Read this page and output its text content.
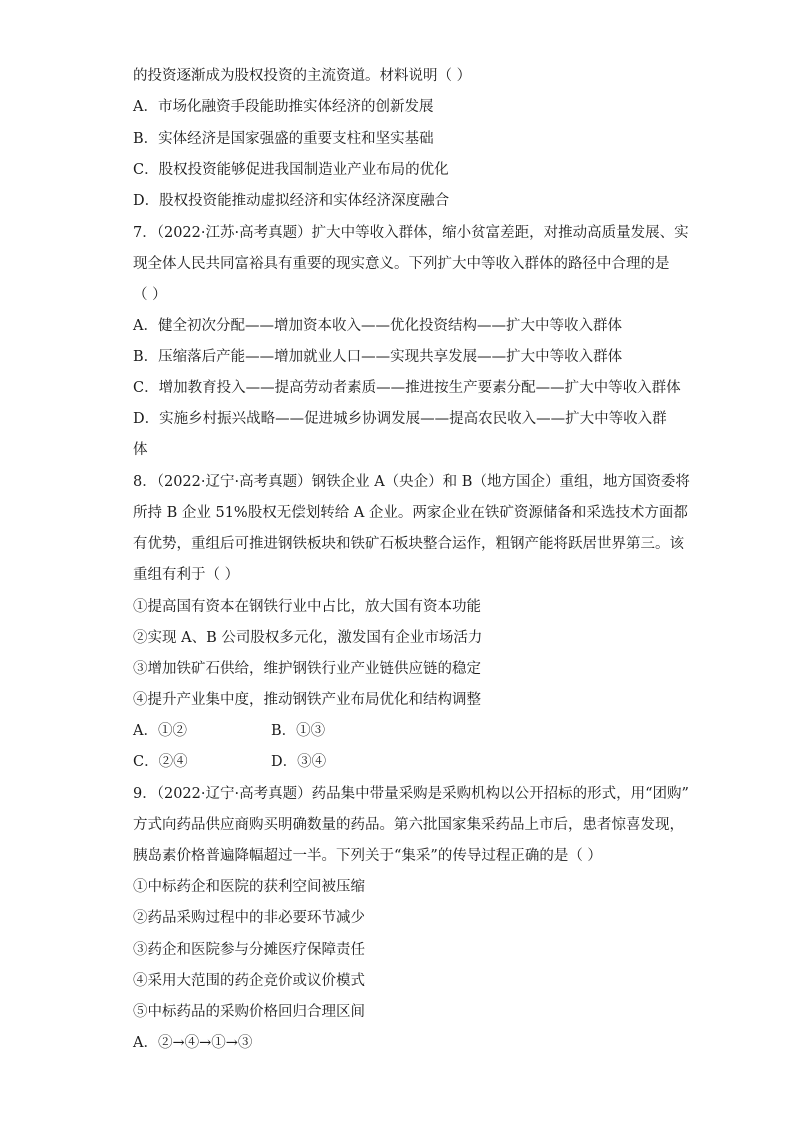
的投资逐渐成为股权投资的主流资道。材料说明（ ）
A．市场化融资手段能助推实体经济的创新发展
B．实体经济是国家强盛的重要支柱和坚实基础
C．股权投资能够促进我国制造业产业布局的优化
D．股权投资能推动虚拟经济和实体经济深度融合
7．（2022·江苏·高考真题）扩大中等收入群体，缩小贫富差距，对推动高质量发展、实
现全体人民共同富裕具有重要的现实意义。下列扩大中等收入群体的路径中合理的是
（ ）
A．健全初次分配——增加资本收入——优化投资结构——扩大中等收入群体
B．压缩落后产能——增加就业人口——实现共享发展——扩大中等收入群体
C．增加教育投入——提高劳动者素质——推进按生产要素分配——扩大中等收入群体
D．实施乡村振兴战略——促进城乡协调发展——提高农民收入——扩大中等收入群
体
8．（2022·辽宁·高考真题）钢铁企业 A（央企）和 B（地方国企）重组，地方国资委将
所持 B 企业 51%股权无偿划转给 A 企业。两家企业在铁矿资源储备和采选技术方面都
有优势，重组后可推进钢铁板块和铁矿石板块整合运作，粗钢产能将跃居世界第三。该
重组有利于（ ）
①提高国有资本在钢铁行业中占比，放大国有资本功能
②实现 A、B 公司股权多元化，激发国有企业市场活力
③增加铁矿石供给，维护钢铁行业产业链供应链的稳定
④提升产业集中度，推动钢铁产业布局优化和结构调整
A．①②	B．①③
C．②④	D．③④
9．（2022·辽宁·高考真题）药品集中带量采购是采购机构以公开招标的形式，用“团购”
方式向药品供应商购买明确数量的药品。第六批国家集采药品上市后，患者惊喜发现，
胰岛素价格普遍降幅超过一半。下列关于“集采”的传导过程正确的是（ ）
①中标药企和医院的获利空间被压缩
②药品采购过程中的非必要环节减少
③药企和医院参与分摊医疗保障责任
④采用大范围的药企竞价或议价模式
⑤中标药品的采购价格回归合理区间
A．②→④→①→③
